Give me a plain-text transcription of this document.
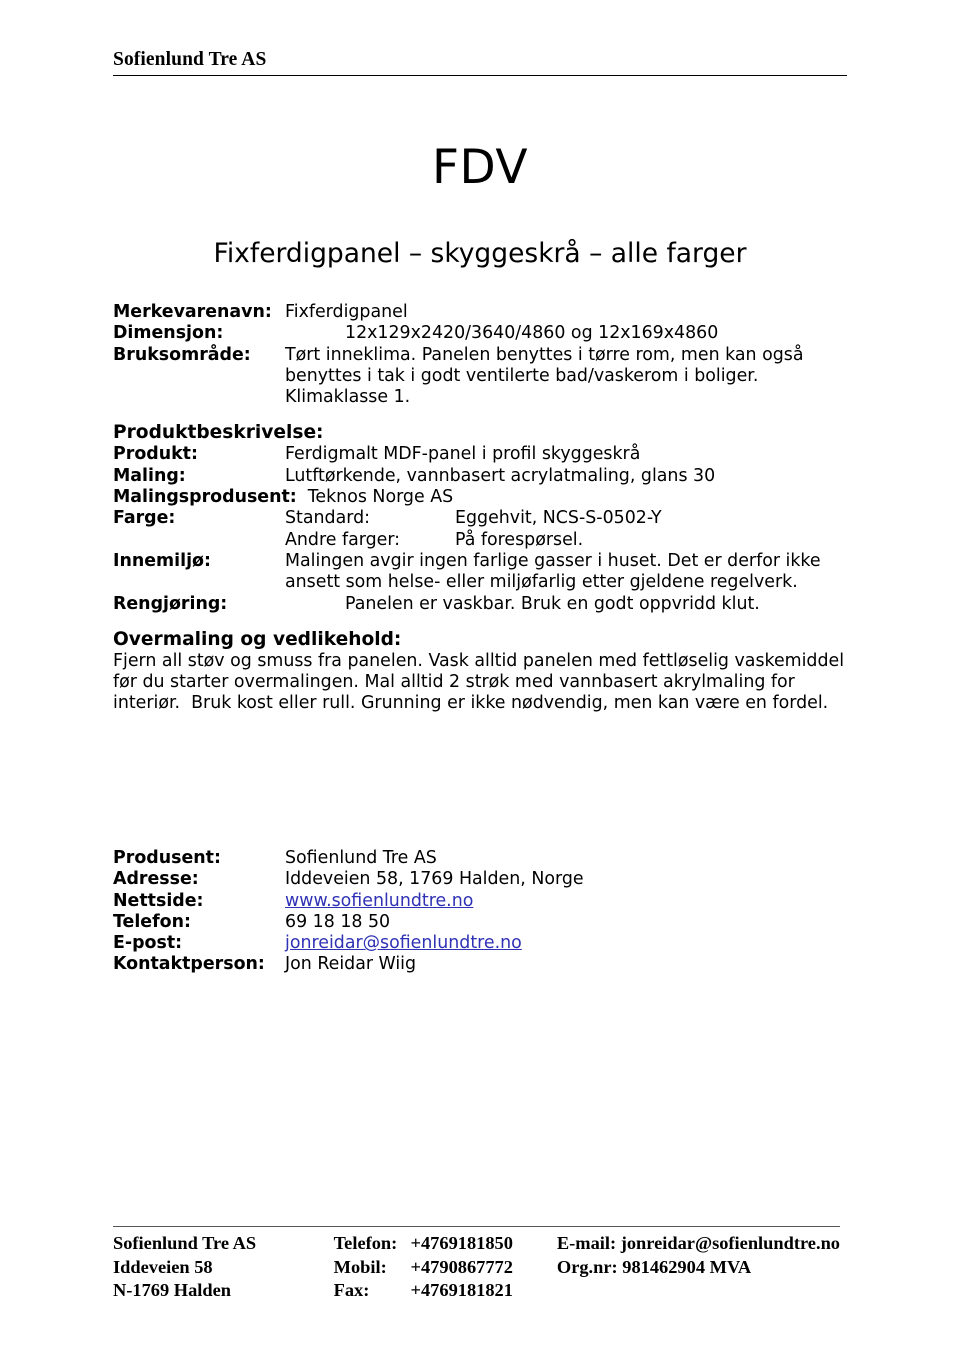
Sofienlund Tre AS
FDV
Fixferdigpanel – skyggeskrå – alle farger
Merkevarenavn: Fixferdigpanel
Dimensjon:	12x129x2420/3640/4860 og 12x169x4860
Bruksområde:	Tørt inneklima. Panelen benyttes i tørre rom, men kan også benyttes i tak i godt ventilerte bad/vaskerom i boliger. Klimaklasse 1.
Produktbeskrivelse:
Produkt:	Ferdigmalt MDF-panel i profil skyggeskrå
Maling:	Lutftørkende, vannbasert acrylatmaling, glans 30
Malingsprodusent: Teknos Norge AS
Farge:	Standard:	Eggehvit, NCS-S-0502-Y
Andre farger:	På forespørsel.
Innemiljø:	Malingen avgir ingen farlige gasser i huset. Det er derfor ikke ansett som helse- eller miljøfarlig etter gjeldene regelverk.
Rengjøring:	Panelen er vaskbar. Bruk en godt oppvridd klut.
Overmaling og vedlikehold:
Fjern all støv og smuss fra panelen. Vask alltid panelen med fettløselig vaskemiddel før du starter overmalingen. Mal alltid 2 strøk med vannbasert akrylmaling for interiør.  Bruk kost eller rull. Grunning er ikke nødvendig, men kan være en fordel.
Produsent:	Sofienlund Tre AS
Adresse:	Iddeveien 58, 1769 Halden, Norge
Nettside:	www.sofienlundtre.no
Telefon:	69 18 18 50
E-post:	jonreidar@sofienlundtre.no
Kontaktperson: Jon Reidar Wiig
Sofienlund Tre AS	Telefon:	+4769181850	E-mail: jonreidar@sofienlundtre.no
Iddeveien 58	Mobil:	+4790867772	Org.nr: 981462904 MVA
N-1769 Halden	Fax:	+4769181821	
